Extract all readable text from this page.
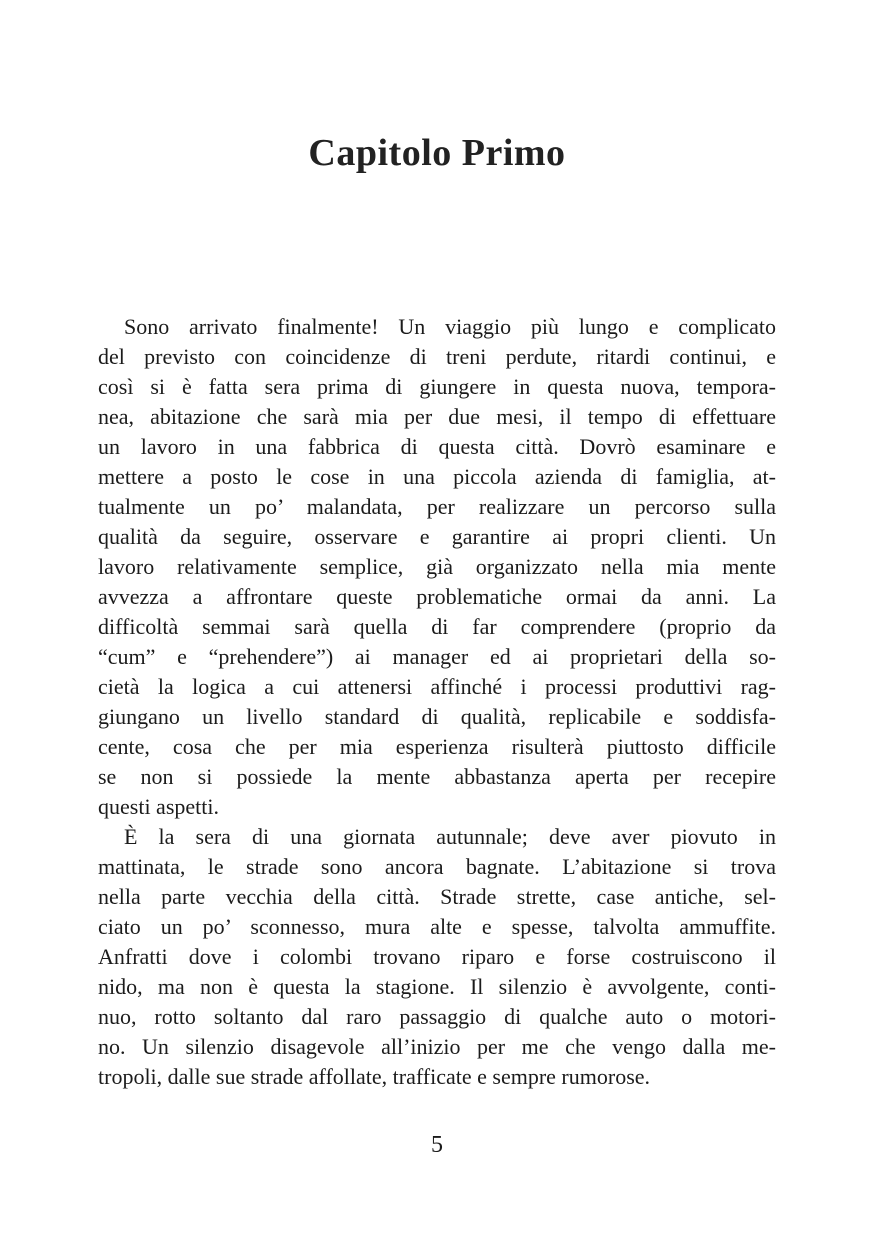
Capitolo Primo
Sono arrivato finalmente! Un viaggio più lungo e complicato
del previsto con coincidenze di treni perdute, ritardi continui, e
così si è fatta sera prima di giungere in questa nuova, tempora-
nea, abitazione che sarà mia per due mesi, il tempo di effettuare
un lavoro in una fabbrica di questa città. Dovrò esaminare e
mettere a posto le cose in una piccola azienda di famiglia, at-
tualmente un po’ malandata, per realizzare un percorso sulla
qualità da seguire, osservare e garantire ai propri clienti. Un
lavoro relativamente semplice, già organizzato nella mia mente
avvezza a affrontare queste problematiche ormai da anni. La
difficoltà semmai sarà quella di far comprendere (proprio da
“cum” e “prehendere”) ai manager ed ai proprietari della so-
cietà la logica a cui attenersi affinché i processi produttivi rag-
giungano un livello standard di qualità, replicabile e soddisfa-
cente, cosa che per mia esperienza risulterà piuttosto difficile
se non si possiede la mente abbastanza aperta per recepire
questi aspetti.
È la sera di una giornata autunnale; deve aver piovuto in
mattinata, le strade sono ancora bagnate. L’abitazione si trova
nella parte vecchia della città. Strade strette, case antiche, sel-
ciato un po’ sconnesso, mura alte e spesse, talvolta ammuffite.
Anfratti dove i colombi trovano riparo e forse costruiscono il
nido, ma non è questa la stagione. Il silenzio è avvolgente, conti-
nuo, rotto soltanto dal raro passaggio di qualche auto o motori-
no. Un silenzio disagevole all’inizio per me che vengo dalla me-
tropoli, dalle sue strade affollate, trafficate e sempre rumorose.
5
